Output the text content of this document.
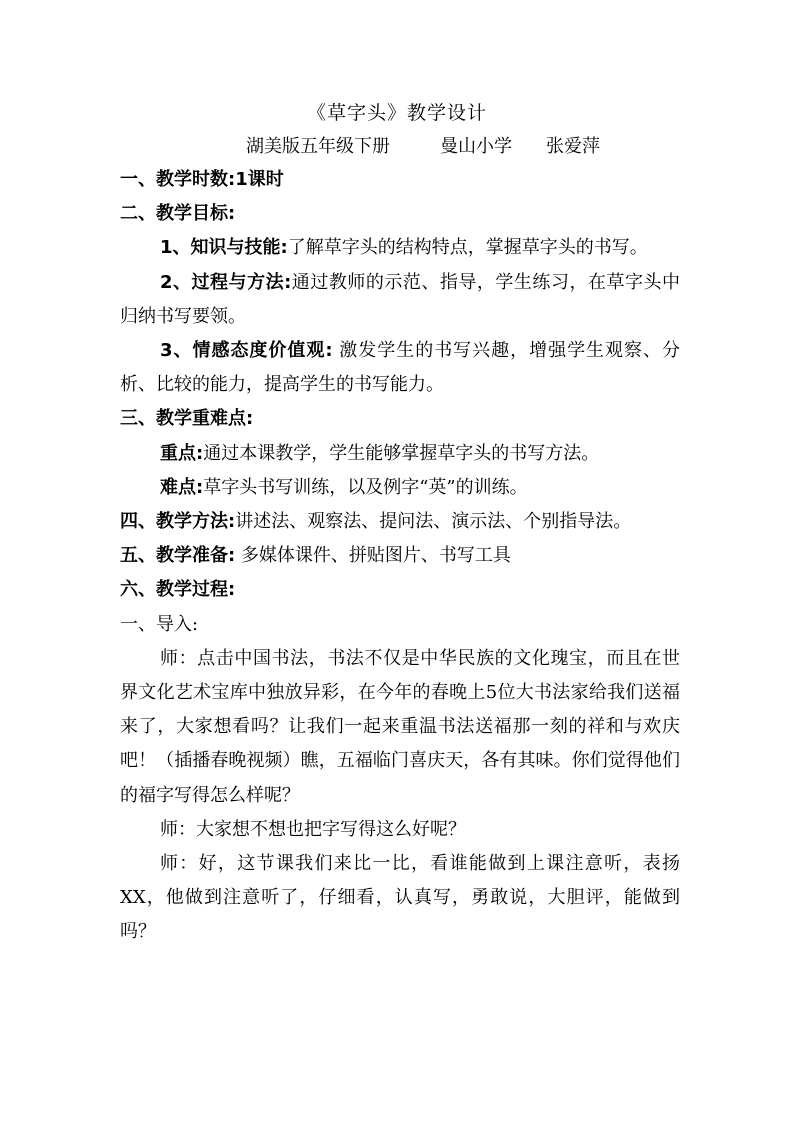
《草字头》教学设计
湖美版五年级下册	曼山小学 张爱萍

一、教学时数:1课时

二、教学目标:

1、知识与技能:了解草字头的结构特点，掌握草字头的书写。

2、过程与方法:通过教师的示范、指导，学生练习，在草字头中归纳书写要领。

3、情感态度价值观: 激发学生的书写兴趣，增强学生观察、分析、比较的能力，提高学生的书写能力。

三、教学重难点:

重点:通过本课教学，学生能够掌握草字头的书写方法。

难点:草字头书写训练，以及例字“英”的训练。

四、教学方法:讲述法、观察法、提问法、演示法、个别指导法。

五、教学准备: 多媒体课件、拼贴图片、书写工具

六、教学过程:

一、导入:

师：点击中国书法，书法不仅是中华民族的文化瑰宝，而且在世界文化艺术宝库中独放异彩，在今年的春晚上5位大书法家给我们送福来了，大家想看吗？让我们一起来重温书法送福那一刻的祥和与欢庆吧！（插播春晚视频）瞧，五福临门喜庆天，各有其味。你们觉得他们的福字写得怎么样呢？

师：大家想不想也把字写得这么好呢？

师：好，这节课我们来比一比，看谁能做到上课注意听，表扬XX，他做到注意听了，仔细看，认真写，勇敢说，大胆评，能做到吗？
